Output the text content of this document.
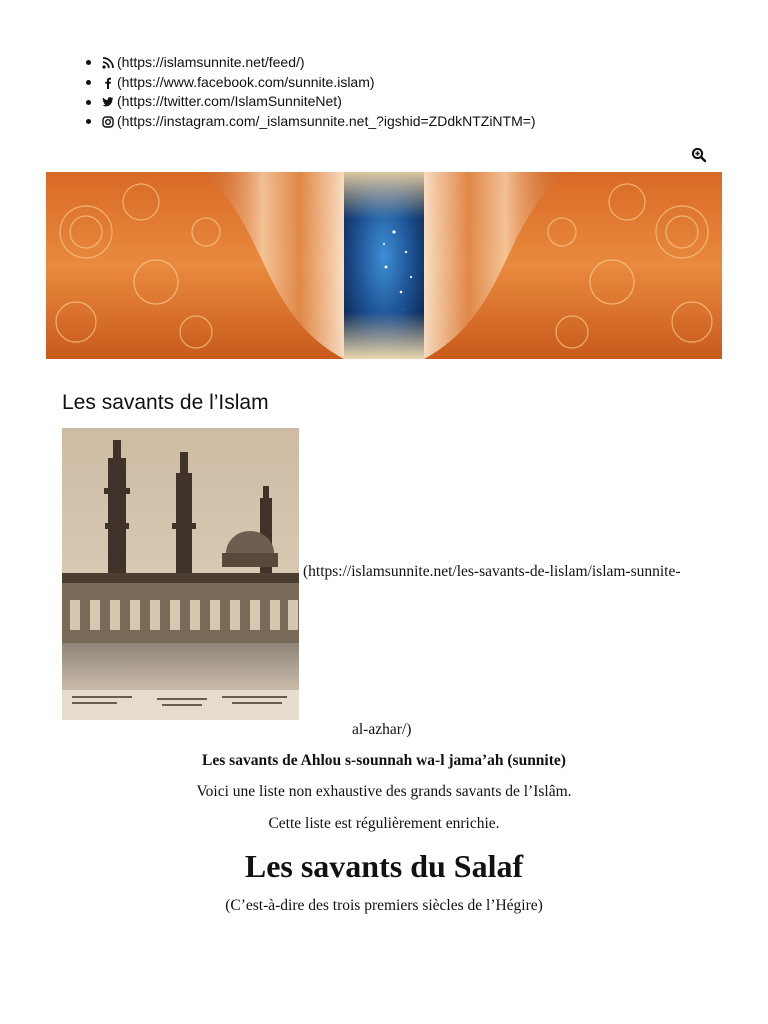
(https://islamsunnite.net/feed/)
(https://www.facebook.com/sunnite.islam)
(https://twitter.com/IslamSunniteNet)
(https://instagram.com/_islamsunnite.net_?igshid=ZDdkNTZiNTM=)
Les savants de l’Islam
(https://islamsunnite.net/les-savants-de-lislam/islam-sunnite-
al-azhar/)
Les savants de Ahlou s-sounnah wa-l jama’ah (sunnite)
Voici une liste non exhaustive des grands savants de l’Islâm.
Cette liste est régulièrement enrichie.
Les savants du Salaf
(C’est-à-dire des trois premiers siècles de l’Hégire)
